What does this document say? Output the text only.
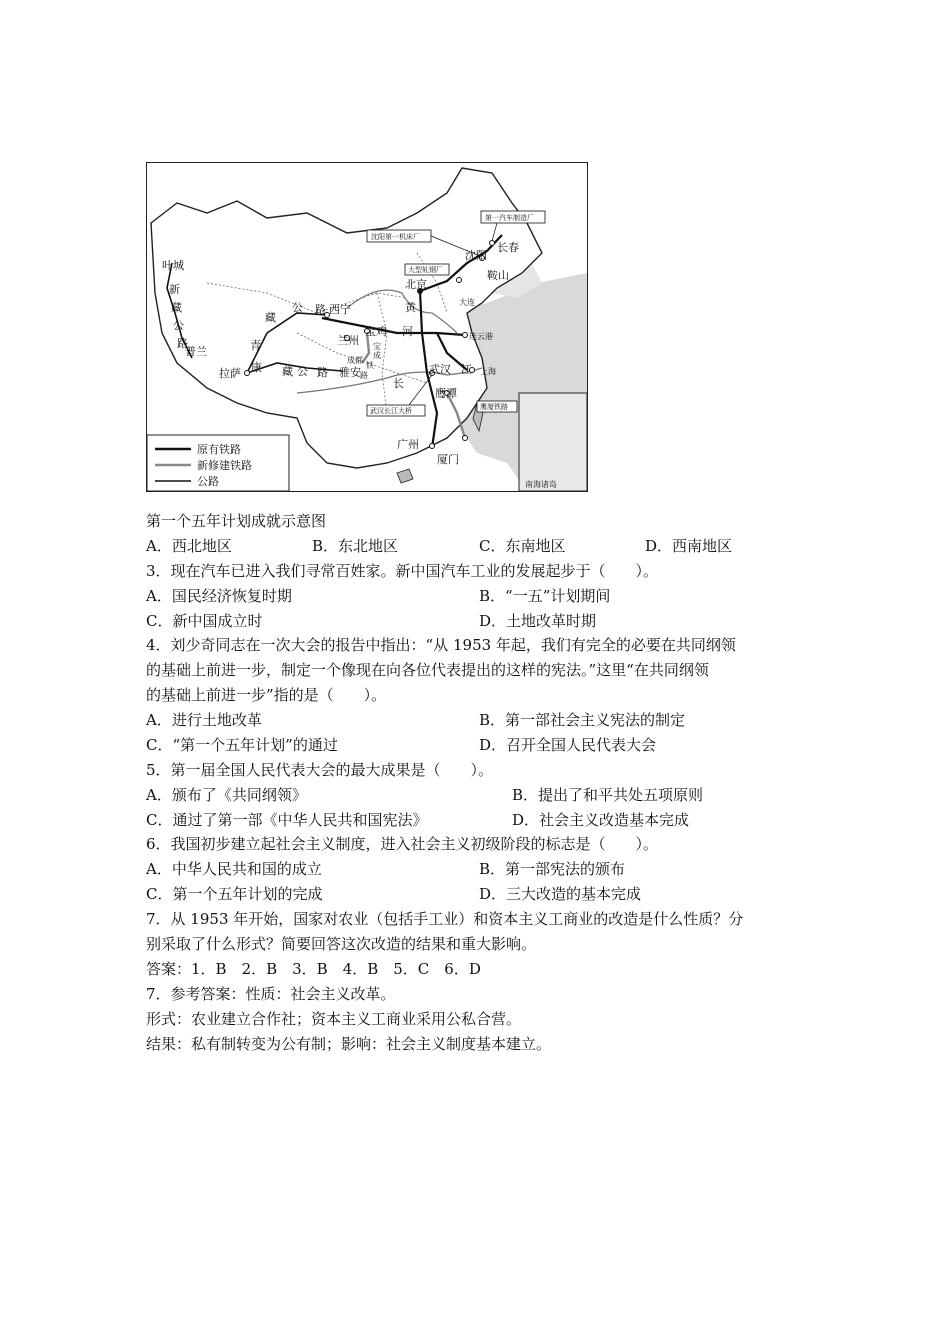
南海诸岛
叶城
新
藏
公
路
普兰
拉萨
西宁
兰州
宝鸡
成都
雅安
北京
沈阳
长春
鞍山
大连
连云港
上海
武汉
鹰潭
广州
厦门
藏
公 路
青
康 藏 公 路
黄
河
长
江
宝
成
铁
路
第一汽车制造厂
沈阳第一机床厂
大型轧钢厂
武汉长江大桥	鹰厦铁路
原有铁路
新修建铁路
公路
第一个五年计划成就示意图
A．西北地区	B．东北地区	C．东南地区	D．西南地区
3．现在汽车已进入我们寻常百姓家。新中国汽车工业的发展起步于（　　）。
A．国民经济恢复时期	B．“一五”计划期间
C．新中国成立时	D．土地改革时期
4．刘少奇同志在一次大会的报告中指出：“从 1953 年起，我们有完全的必要在共同纲领
的基础上前进一步，制定一个像现在向各位代表提出的这样的宪法。”这里“在共同纲领
的基础上前进一步”指的是（　　）。
A．进行土地改革	B．第一部社会主义宪法的制定
C．“第一个五年计划”的通过	D．召开全国人民代表大会
5．第一届全国人民代表大会的最大成果是（　　）。
A．颁布了《共同纲领》	B．提出了和平共处五项原则
C．通过了第一部《中华人民共和国宪法》	D．社会主义改造基本完成
6．我国初步建立起社会主义制度，进入社会主义初级阶段的标志是（　　）。
A．中华人民共和国的成立	B．第一部宪法的颁布
C．第一个五年计划的完成	D．三大改造的基本完成
7．从 1953 年开始，国家对农业（包括手工业）和资本主义工商业的改造是什么性质？分
别采取了什么形式？简要回答这次改造的结果和重大影响。
答案：1．B　2．B　3．B　4．B　5．C　6．D
7．参考答案：性质：社会主义改革。
形式：农业建立合作社；资本主义工商业采用公私合营。
结果：私有制转变为公有制；影响：社会主义制度基本建立。
